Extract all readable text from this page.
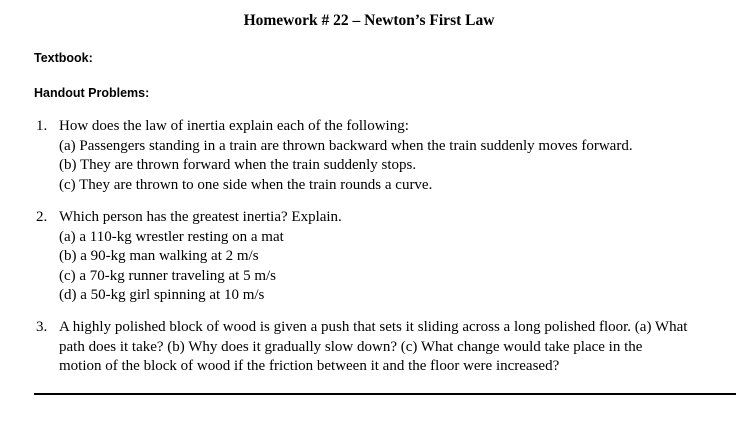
Homework # 22 – Newton’s First Law
Textbook:
Handout Problems:
1. How does the law of inertia explain each of the following:
(a) Passengers standing in a train are thrown backward when the train suddenly moves forward.
(b) They are thrown forward when the train suddenly stops.
(c) They are thrown to one side when the train rounds a curve.
2. Which person has the greatest inertia? Explain.
(a) a 110-kg wrestler resting on a mat
(b) a 90-kg man walking at 2 m/s
(c) a 70-kg runner traveling at 5 m/s
(d) a 50-kg girl spinning at 10 m/s
3. A highly polished block of wood is given a push that sets it sliding across a long polished floor. (a) What
path does it take? (b) Why does it gradually slow down? (c) What change would take place in the
motion of the block of wood if the friction between it and the floor were increased?
